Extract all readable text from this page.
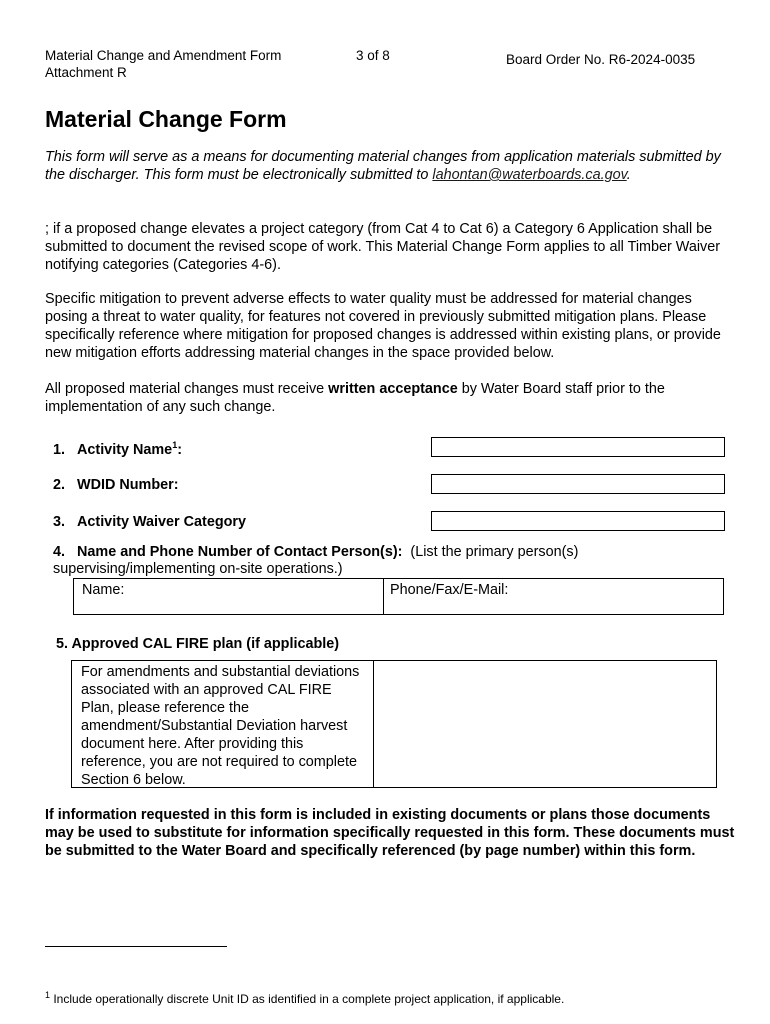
Material Change and Amendment Form
Attachment R
3 of 8	Board Order No. R6-2024-0035
Material Change Form
This form will serve as a means for documenting material changes from application materials submitted by the discharger. This form must be electronically submitted to lahontan@waterboards.ca.gov.
; if a proposed change elevates a project category (from Cat 4 to Cat 6) a Category 6 Application shall be submitted to document the revised scope of work. This Material Change Form applies to all Timber Waiver notifying categories (Categories 4-6).
Specific mitigation to prevent adverse effects to water quality must be addressed for material changes posing a threat to water quality, for features not covered in previously submitted mitigation plans. Please specifically reference where mitigation for proposed changes is addressed within existing plans, or provide new mitigation efforts addressing material changes in the space provided below.
All proposed material changes must receive written acceptance by Water Board staff prior to the implementation of any such change.
1. Activity Name$^1$:
2. WDID Number:
3. Activity Waiver Category
4. Name and Phone Number of Contact Person(s):  (List the primary person(s) supervising/implementing on-site operations.)
Name:	Phone/Fax/E-Mail:
5. Approved CAL FIRE plan (if applicable)
For amendments and substantial deviations associated with an approved CAL FIRE Plan, please reference the amendment/Substantial Deviation harvest document here. After providing this reference, you are not required to complete Section 6 below.
If information requested in this form is included in existing documents or plans those documents may be used to substitute for information specifically requested in this form. These documents must be submitted to the Water Board and specifically referenced (by page number) within this form.
$^1$ Include operationally discrete Unit ID as identified in a complete project application, if applicable.
